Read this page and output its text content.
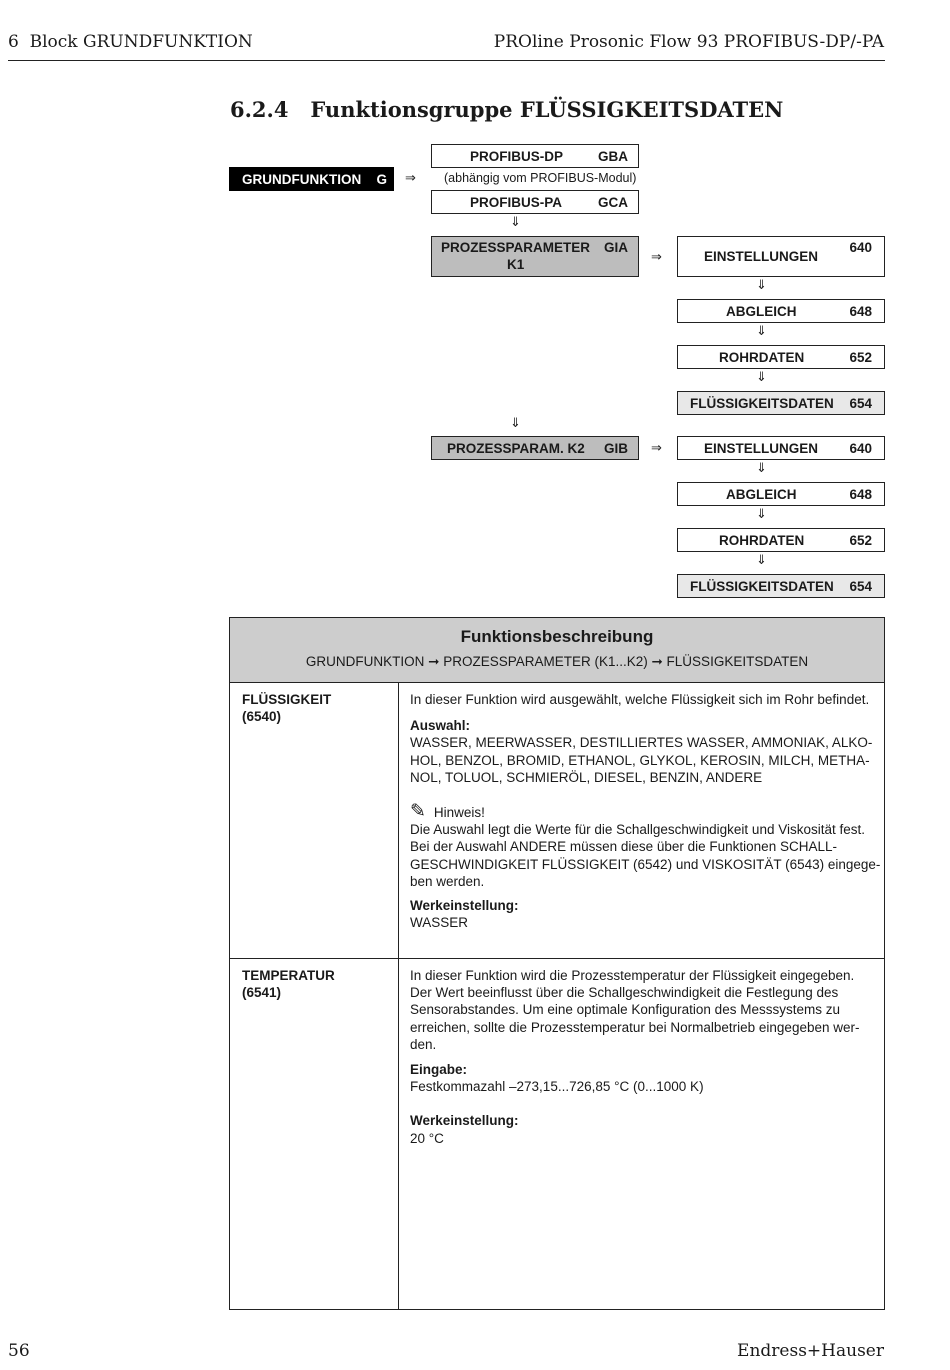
6  Block GRUNDFUNKTION	PROline Prosonic Flow 93 PROFIBUS-DP/-PA
6.2.4   Funktionsgruppe FLÜSSIGKEITSDATEN
GRUNDFUNKTION G ⇒
PROFIBUS-DP	GBA
(abhängig vom PROFIBUS-Modul)
PROFIBUS-PA	GCA
⇓
PROZESSPARAMETER
K1
GIA
⇒
⇓
PROZESSPARAM. K2 GIB ⇒
EINSTELLUNGEN
640
⇓
ABGLEICH	648
⇓
ROHRDATEN	652
⇓
FLÜSSIGKEITSDATEN 654
EINSTELLUNGEN 640
⇓
ABGLEICH	648
⇓
ROHRDATEN	652
⇓
FLÜSSIGKEITSDATEN 654
Funktionsbeschreibung
GRUNDFUNKTION ➞ PROZESSPARAMETER (K1...K2) ➞ FLÜSSIGKEITSDATEN
FLÜSSIGKEIT
(6540)
In dieser Funktion wird ausgewählt, welche Flüssigkeit sich im Rohr befindet.
Auswahl:
WASSER, MEERWASSER, DESTILLIERTES WASSER, AMMONIAK, ALKO-
HOL, BENZOL, BROMID, ETHANOL, GLYKOL, KEROSIN, MILCH, METHA-
NOL, TOLUOL, SCHMIERÖL, DIESEL, BENZIN, ANDERE
✎ Hinweis!
Die Auswahl legt die Werte für die Schallgeschwindigkeit und Viskosität fest.
Bei der Auswahl ANDERE müssen diese über die Funktionen SCHALL-
GESCHWINDIGKEIT FLÜSSIGKEIT (6542) und VISKOSITÄT (6543) eingege-
ben werden.
Werkeinstellung:
WASSER
TEMPERATUR
(6541)
In dieser Funktion wird die Prozesstemperatur der Flüssigkeit eingegeben.
Der Wert beeinflusst über die Schallgeschwindigkeit die Festlegung des
Sensorabstandes. Um eine optimale Konfiguration des Messsystems zu
erreichen, sollte die Prozesstemperatur bei Normalbetrieb eingegeben wer-
den.
Eingabe:
Festkommazahl –273,15...726,85 °C (0...1000 K)
Werkeinstellung:
20 °C
56	Endress+Hauser
